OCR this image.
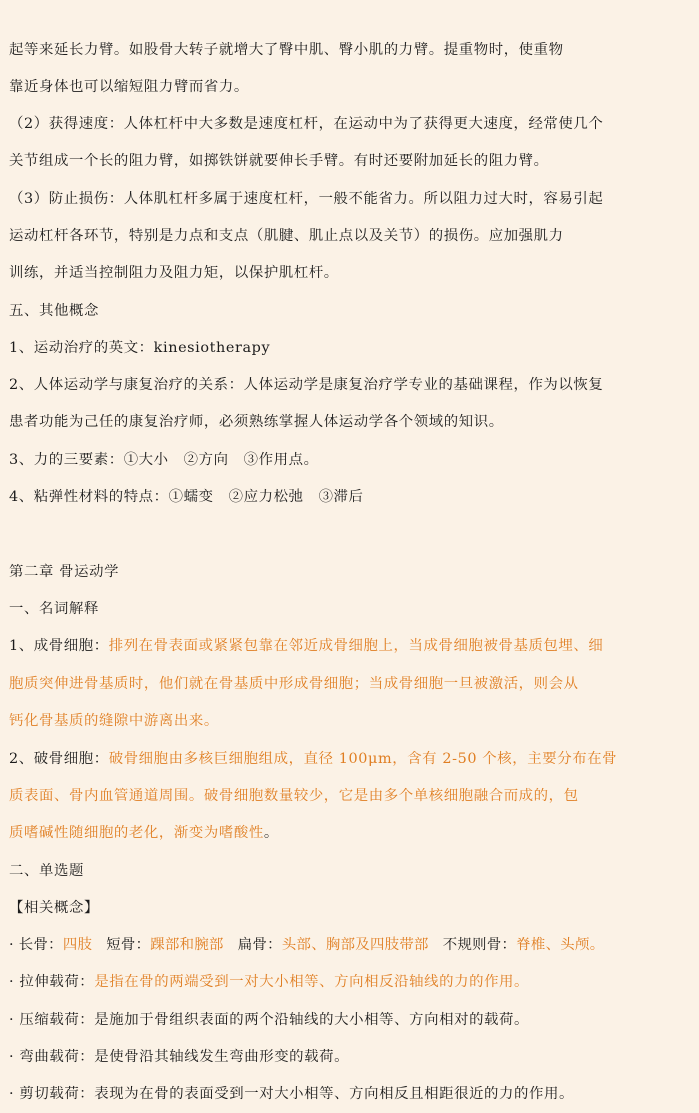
起等来延长力臂。如股骨大转子就增大了臀中肌、臀小肌的力臂。提重物时，使重物
靠近身体也可以缩短阻力臂而省力。
（2）获得速度：人体杠杆中大多数是速度杠杆，在运动中为了获得更大速度，经常使几个
关节组成一个长的阻力臂，如掷铁饼就要伸长手臂。有时还要附加延长的阻力臂。
（3）防止损伤：人体肌杠杆多属于速度杠杆，一般不能省力。所以阻力过大时，容易引起
运动杠杆各环节，特别是力点和支点（肌腱、肌止点以及关节）的损伤。应加强肌力
训练，并适当控制阻力及阻力矩，以保护肌杠杆。
五、其他概念
1、运动治疗的英文：kinesiotherapy
2、人体运动学与康复治疗的关系：人体运动学是康复治疗学专业的基础课程，作为以恢复
患者功能为己任的康复治疗师，必须熟练掌握人体运动学各个领域的知识。
3、力的三要素：①大小　②方向　③作用点。
4、粘弹性材料的特点：①蠕变　②应力松弛　③滞后
第二章 骨运动学
一、名词解释
1、成骨细胞：排列在骨表面或紧紧包靠在邻近成骨细胞上，当成骨细胞被骨基质包埋、细
胞质突伸进骨基质时，他们就在骨基质中形成骨细胞；当成骨细胞一旦被激活，则会从
钙化骨基质的缝隙中游离出来。
2、破骨细胞：破骨细胞由多核巨细胞组成，直径 100μm，含有 2-50 个核，主要分布在骨
质表面、骨内血管通道周围。破骨细胞数量较少，它是由多个单核细胞融合而成的，包
质嗜碱性随细胞的老化，渐变为嗜酸性。
二、单选题
【相关概念】
· 长骨：四肢 短骨：踝部和腕部 扁骨：头部、胸部及四肢带部 不规则骨：脊椎、头颅。
· 拉伸载荷：是指在骨的两端受到一对大小相等、方向相反沿轴线的力的作用。
· 压缩载荷：是施加于骨组织表面的两个沿轴线的大小相等、方向相对的载荷。
· 弯曲载荷：是使骨沿其轴线发生弯曲形变的载荷。
· 剪切载荷：表现为在骨的表面受到一对大小相等、方向相反且相距很近的力的作用。
